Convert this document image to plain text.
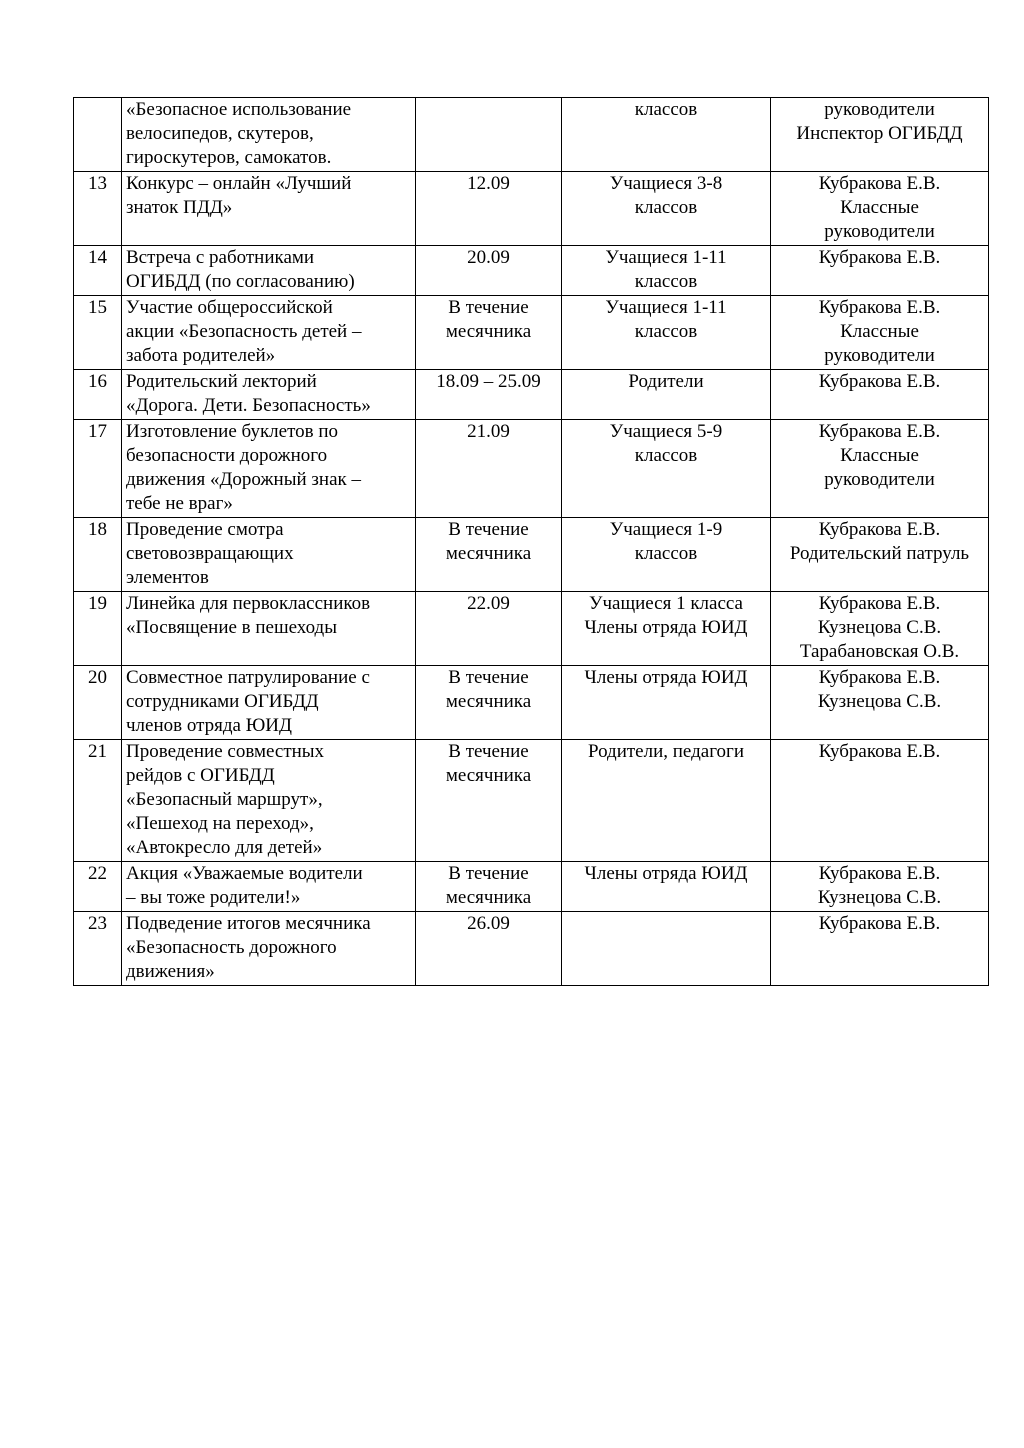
	«Безопасное использование
велосипедов, скутеров,
гироскутеров, самокатов.		классов	руководители
Инспектор ОГИБДД
13	Конкурс – онлайн «Лучший
знаток ПДД»	12.09	Учащиеся 3-8
классов	Кубракова Е.В.
Классные
руководители
14	Встреча с работниками
ОГИБДД (по согласованию)	20.09	Учащиеся 1-11
классов	Кубракова Е.В.
15	Участие общероссийской
акции «Безопасность детей –
забота родителей»	В течение
месячника	Учащиеся 1-11
классов	Кубракова Е.В.
Классные
руководители
16	Родительский лекторий
«Дорога. Дети. Безопасность»	18.09 – 25.09	Родители	Кубракова Е.В.
17	Изготовление буклетов по
безопасности дорожного
движения «Дорожный знак –
тебе не враг»	21.09	Учащиеся 5-9
классов	Кубракова Е.В.
Классные
руководители
18	Проведение смотра
световозвращающих
элементов	В течение
месячника	Учащиеся 1-9
классов	Кубракова Е.В.
Родительский патруль
19	Линейка для первоклассников
«Посвящение в пешеходы	22.09	Учащиеся 1 класса
Члены отряда ЮИД	Кубракова Е.В.
Кузнецова С.В.
Тарабановская О.В.
20	Совместное патрулирование с
сотрудниками ОГИБДД
членов отряда ЮИД	В течение
месячника	Члены отряда ЮИД	Кубракова Е.В.
Кузнецова С.В.
21	Проведение совместных
рейдов с ОГИБДД
«Безопасный маршрут»,
«Пешеход на переход»,
«Автокресло для детей»	В течение
месячника	Родители, педагоги	Кубракова Е.В.
22	Акция «Уважаемые водители
– вы тоже родители!»	В течение
месячника	Члены отряда ЮИД	Кубракова Е.В.
Кузнецова С.В.
23	Подведение итогов месячника
«Безопасность дорожного
движения»	26.09		Кубракова Е.В.
